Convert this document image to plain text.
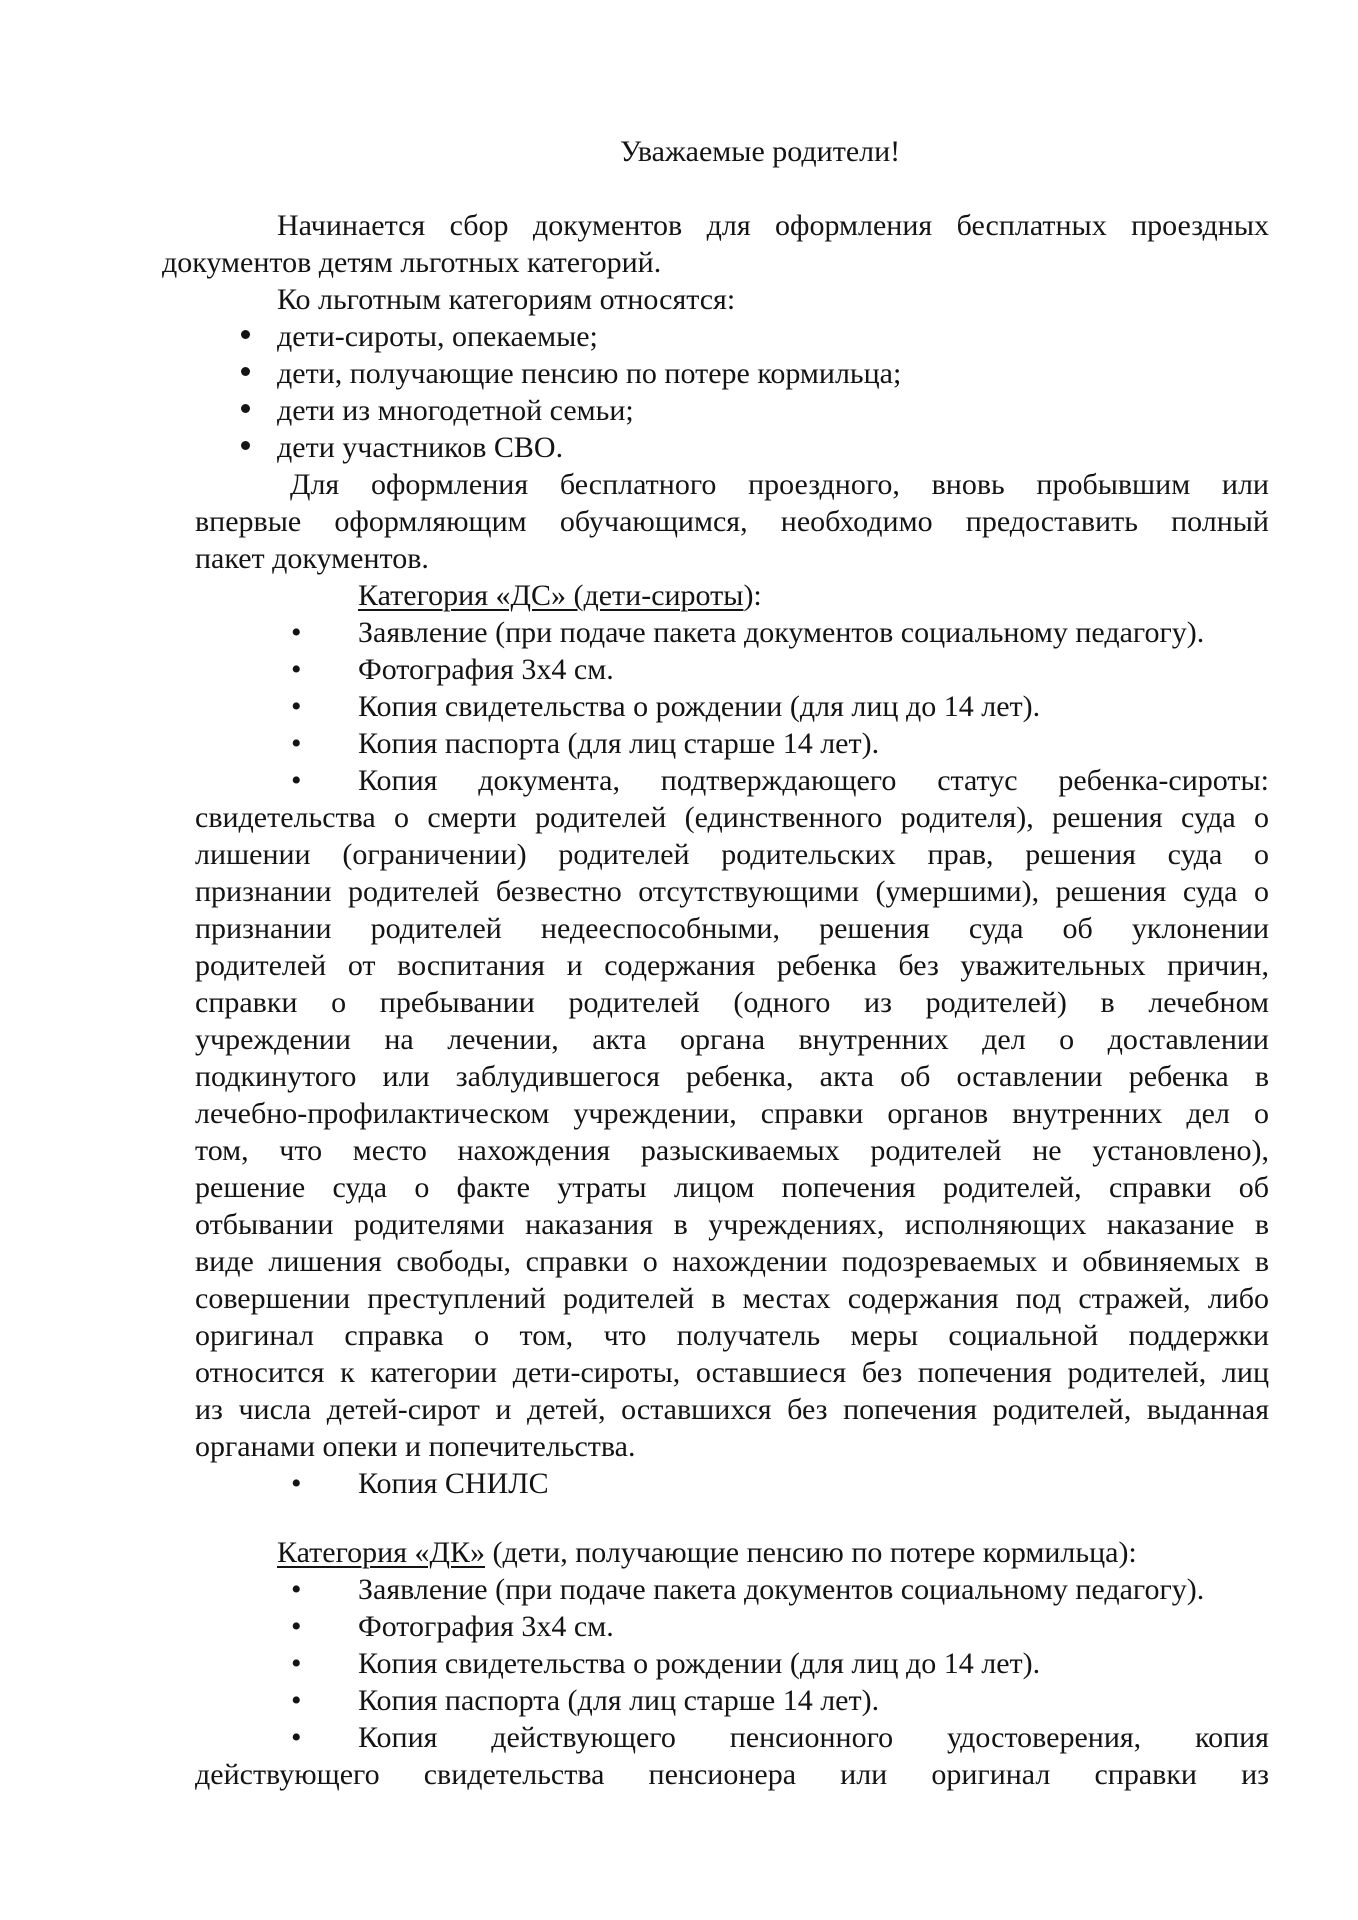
Уважаемые родители!
Начинается сбор документов для оформления бесплатных проездных
документов детям льготных категорий.
Ко льготным категориям относятся:
дети-сироты, опекаемые;
дети, получающие пенсию по потере кормильца;
дети из многодетной семьи;
дети участников СВО.
Для оформления бесплатного проездного, вновь пробывшим или
впервые оформляющим обучающимся, необходимо предоставить полный
пакет документов.
Категория «ДС» (дети-сироты):
• Заявление (при подаче пакета документов социальному педагогу).
• Фотография 3х4 см.
• Копия свидетельства о рождении (для лиц до 14 лет).
• Копия паспорта (для лиц старше 14 лет).
• Копия документа, подтверждающего статус ребенка-сироты:
свидетельства о смерти родителей (единственного родителя), решения суда о
лишении (ограничении) родителей родительских прав, решения суда о
признании родителей безвестно отсутствующими (умершими), решения суда о
признании родителей недееспособными, решения суда об уклонении
родителей от воспитания и содержания ребенка без уважительных причин,
справки о пребывании родителей (одного из родителей) в лечебном
учреждении на лечении, акта органа внутренних дел о доставлении
подкинутого или заблудившегося ребенка, акта об оставлении ребенка в
лечебно-профилактическом учреждении, справки органов внутренних дел о
том, что место нахождения разыскиваемых родителей не установлено),
решение суда о факте утраты лицом попечения родителей, справки об
отбывании родителями наказания в учреждениях, исполняющих наказание в
виде лишения свободы, справки о нахождении подозреваемых и обвиняемых в
совершении преступлений родителей в местах содержания под стражей, либо
оригинал справка о том, что получатель меры социальной поддержки
относится к категории дети-сироты, оставшиеся без попечения родителей, лиц
из числа детей-сирот и детей, оставшихся без попечения родителей, выданная
органами опеки и попечительства.
• Копия СНИЛС
Категория «ДК» (дети, получающие пенсию по потере кормильца):
• Заявление (при подаче пакета документов социальному педагогу).
• Фотография 3х4 см.
• Копия свидетельства о рождении (для лиц до 14 лет).
• Копия паспорта (для лиц старше 14 лет).
• Копия действующего пенсионного удостоверения, копия
действующего свидетельства пенсионера или оригинал справки из
